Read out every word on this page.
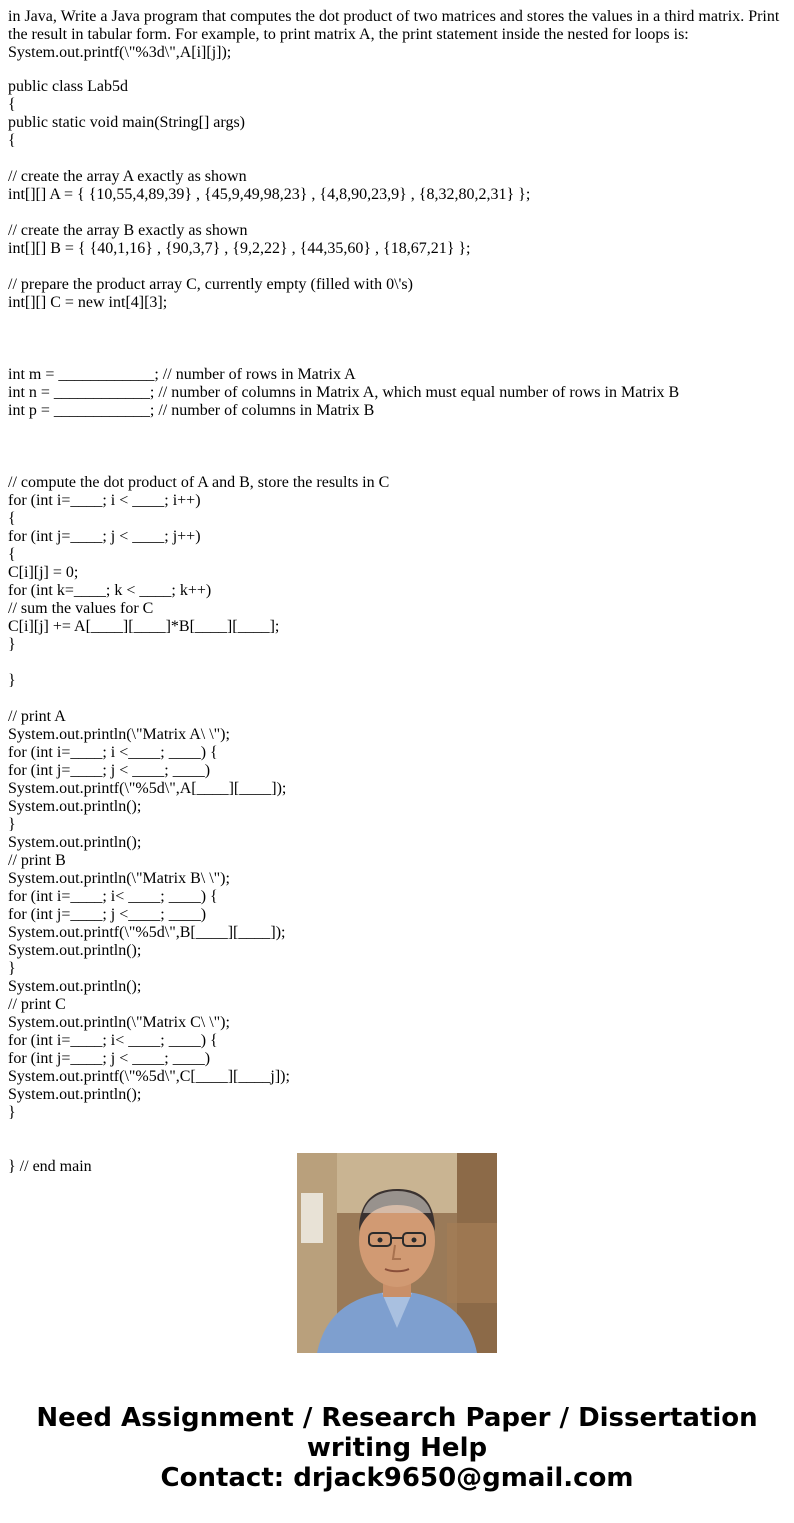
in Java, Write a Java program that computes the dot product of two matrices and stores the values in a third matrix. Print the result in tabular form. For example, to print matrix A, the print statement inside the nested for loops is: System.out.printf(\"%3d\",A[i][j]);
public class Lab5d
{
public static void main(String[] args)
{
// create the array A exactly as shown
int[][] A = { {10,55,4,89,39} , {45,9,49,98,23} , {4,8,90,23,9} , {8,32,80,2,31} };
// create the array B exactly as shown
int[][] B = { {40,1,16} , {90,3,7} , {9,2,22} , {44,35,60} , {18,67,21} };
// prepare the product array C, currently empty (filled with 0\'s)
int[][] C = new int[4][3];
int m = ____________; // number of rows in Matrix A
int n = ____________; // number of columns in Matrix A, which must equal number of rows in Matrix B
int p = ____________; // number of columns in Matrix B
// compute the dot product of A and B, store the results in C
for (int i=____; i < ____; i++)
{
for (int j=____; j < ____; j++)
{
C[i][j] = 0;
for (int k=____; k < ____; k++)
// sum the values for C
C[i][j] += A[____][____]*B[____][____];
}
}
// print A
System.out.println(\"Matrix A\ \");
for (int i=____; i <____; ____) {
for (int j=____; j < ____; ____)
System.out.printf(\"%5d\",A[____][____]);
System.out.println();
}
System.out.println();
// print B
System.out.println(\"Matrix B\ \");
for (int i=____; i< ____; ____) {
for (int j=____; j <____; ____)
System.out.printf(\"%5d\",B[____][____]);
System.out.println();
}
System.out.println();
// print C
System.out.println(\"Matrix C\ \");
for (int i=____; i< ____; ____) {
for (int j=____; j < ____; ____)
System.out.printf(\"%5d\",C[____][____j]);
System.out.println();
}
} // end main
Need Assignment / Research Paper / Dissertation
writing Help
Contact: drjack9650@gmail.com
